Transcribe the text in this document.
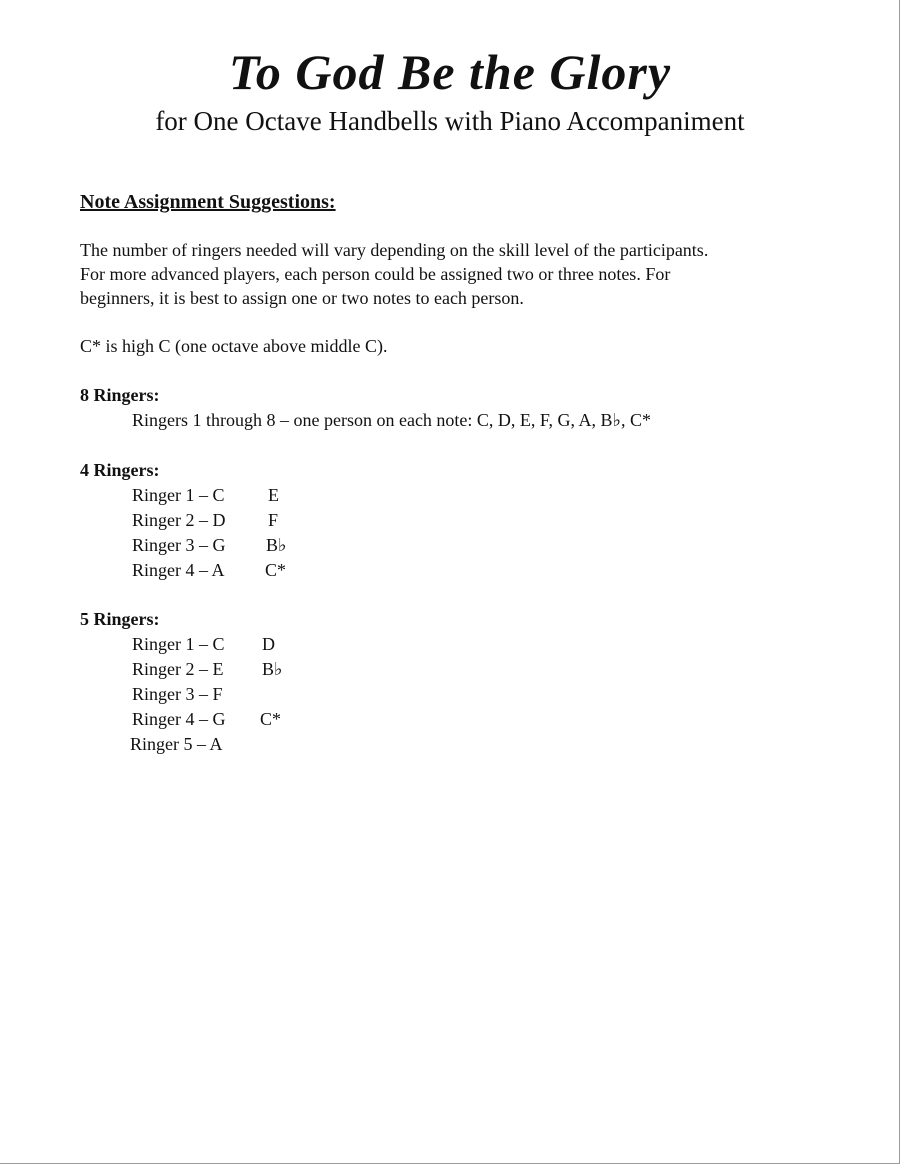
To God Be the Glory
for One Octave Handbells with Piano Accompaniment
Note Assignment Suggestions:

The number of ringers needed will vary depending on the skill level of the participants.

For more advanced players, each person could be assigned two or three notes. For

beginners, it is best to assign one or two notes to each person.

C* is high C (one octave above middle C).

8 Ringers:
Ringers 1 through 8 – one person on each note: C, D, E, F, G, A, B♭, C*
4 Ringers:
Ringer 1 – C E
Ringer 2 – D F
Ringer 3 – G B♭
Ringer 4 – A C*
5 Ringers:
Ringer 1 – C D
Ringer 2 – E B♭
Ringer 3 – F
Ringer 4 – G C*
Ringer 5 – A
